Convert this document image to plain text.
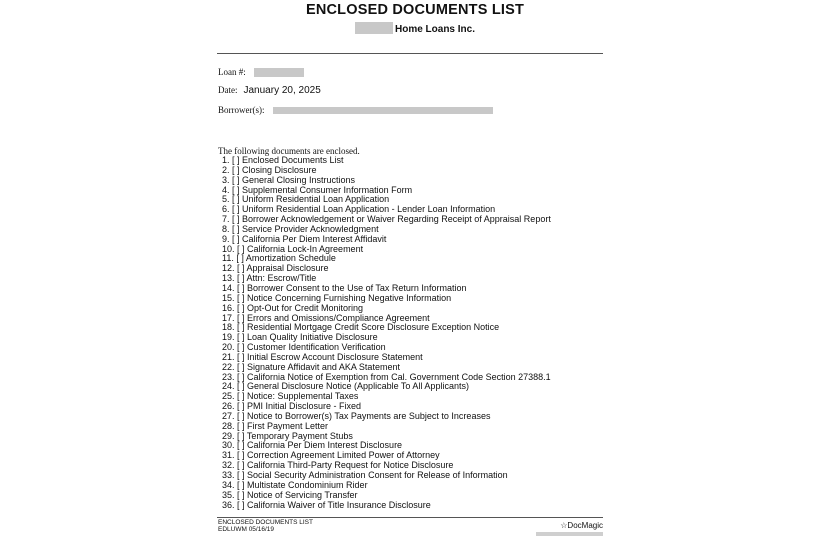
ENCLOSED DOCUMENTS LIST
Home Loans Inc.
Loan #:
Date: January 20, 2025
Borrower(s):
The following documents are enclosed.
1. [ ] Enclosed Documents List
2. [ ] Closing Disclosure
3. [ ] General Closing Instructions
4. [ ] Supplemental Consumer Information Form
5. [ ] Uniform Residential Loan Application
6. [ ] Uniform Residential Loan Application - Lender Loan Information
7. [ ] Borrower Acknowledgement or Waiver Regarding Receipt of Appraisal Report
8. [ ] Service Provider Acknowledgment
9. [ ] California Per Diem Interest Affidavit
10. [ ] California Lock-In Agreement
11. [ ] Amortization Schedule
12. [ ] Appraisal Disclosure
13. [ ] Attn: Escrow/Title
14. [ ] Borrower Consent to the Use of Tax Return Information
15. [ ] Notice Concerning Furnishing Negative Information
16. [ ] Opt-Out for Credit Monitoring
17. [ ] Errors and Omissions/Compliance Agreement
18. [ ] Residential Mortgage Credit Score Disclosure Exception Notice
19. [ ] Loan Quality Initiative Disclosure
20. [ ] Customer Identification Verification
21. [ ] Initial Escrow Account Disclosure Statement
22. [ ] Signature Affidavit and AKA Statement
23. [ ] California Notice of Exemption from Cal. Government Code Section 27388.1
24. [ ] General Disclosure Notice (Applicable To All Applicants)
25. [ ] Notice: Supplemental Taxes
26. [ ] PMI Initial Disclosure - Fixed
27. [ ] Notice to Borrower(s) Tax Payments are Subject to Increases
28. [ ] First Payment Letter
29. [ ] Temporary Payment Stubs
30. [ ] California Per Diem Interest Disclosure
31. [ ] Correction Agreement Limited Power of Attorney
32. [ ] California Third-Party Request for Notice Disclosure
33. [ ] Social Security Administration Consent for Release of Information
34. [ ] Multistate Condominium Rider
35. [ ] Notice of Servicing Transfer
36. [ ] California Waiver of Title Insurance Disclosure
ENCLOSED DOCUMENTS LIST
EDLUWM 05/16/19	☆DocMagic
